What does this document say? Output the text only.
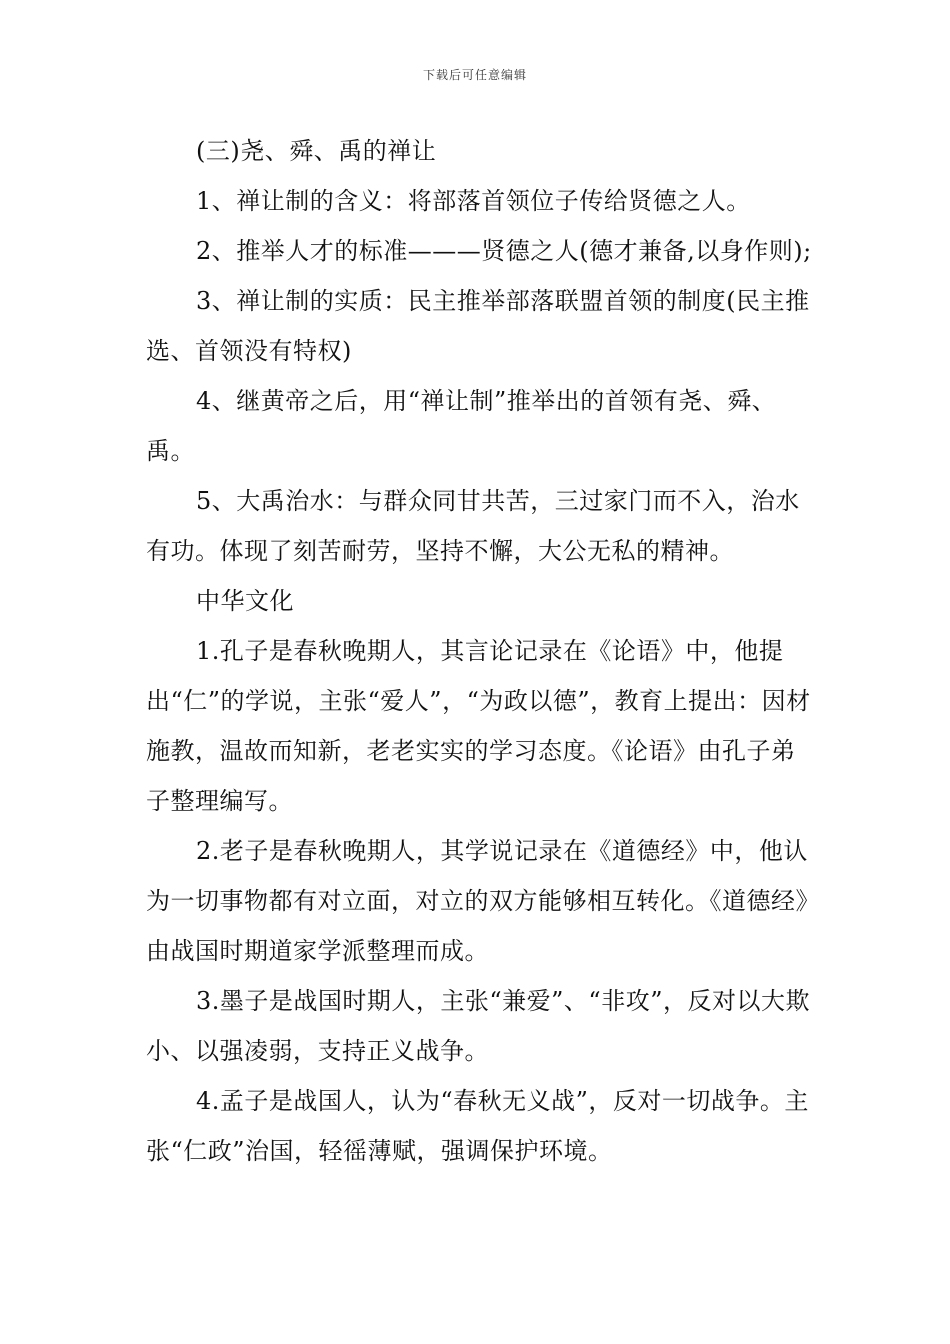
下载后可任意编辑

(三)尧、舜、禹的禅让

1、禅让制的含义：将部落首领位子传给贤德之人。

2、推举人才的标准———贤德之人(德才兼备,以身作则);

3、禅让制的实质：民主推举部落联盟首领的制度(民主推选、首领没有特权)

4、继黄帝之后，用“禅让制”推举出的首领有尧、舜、禹。

5、大禹治水：与群众同甘共苦，三过家门而不入，治水有功。体现了刻苦耐劳，坚持不懈，大公无私的精神。

中华文化

1.孔子是春秋晚期人，其言论记录在《论语》中，他提出“仁”的学说，主张“爱人”，“为政以德”，教育上提出：因材施教，温故而知新，老老实实的学习态度。《论语》由孔子弟子整理编写。

2.老子是春秋晚期人，其学说记录在《道德经》中，他认为一切事物都有对立面，对立的双方能够相互转化。《道德经》由战国时期道家学派整理而成。

3.墨子是战国时期人，主张“兼爱”、“非攻”，反对以大欺小、以强凌弱，支持正义战争。

4.孟子是战国人，认为“春秋无义战”，反对一切战争。主张“仁政”治国，轻徭薄赋，强调保护环境。
